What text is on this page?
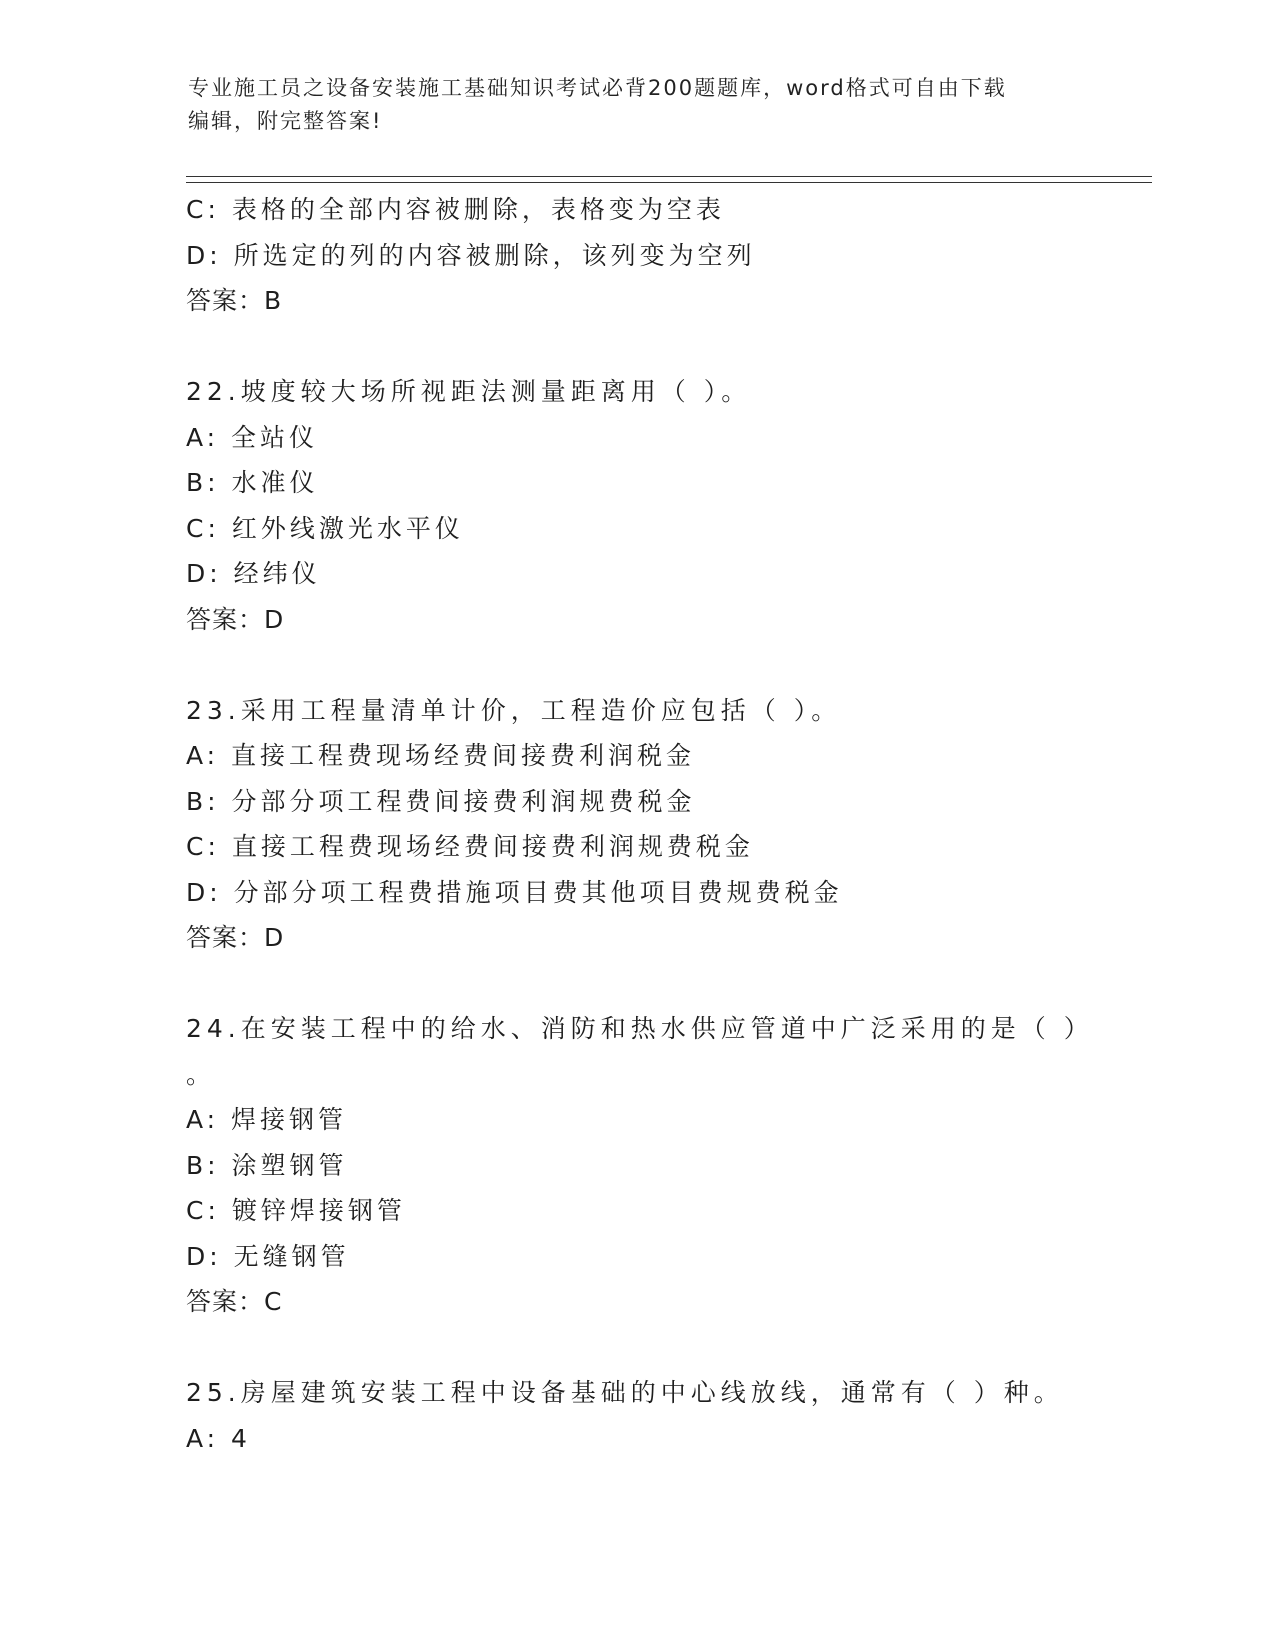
专业施工员之设备安装施工基础知识考试必背200题题库，word格式可自由下载
编辑，附完整答案!
C: 表格的全部内容被删除，表格变为空表
D: 所选定的列的内容被删除，该列变为空列
答案：B
22.坡度较大场所视距法测量距离用（ ）。
A: 全站仪
B: 水准仪
C: 红外线激光水平仪
D: 经纬仪
答案：D
23.采用工程量清单计价，工程造价应包括（ ）。
A: 直接工程费现场经费间接费利润税金
B: 分部分项工程费间接费利润规费税金
C: 直接工程费现场经费间接费利润规费税金
D: 分部分项工程费措施项目费其他项目费规费税金
答案：D
24.在安装工程中的给水、消防和热水供应管道中广泛采用的是（ ）
。
A: 焊接钢管
B: 涂塑钢管
C: 镀锌焊接钢管
D: 无缝钢管
答案：C
25.房屋建筑安装工程中设备基础的中心线放线，通常有（ ）种。
A: 4
